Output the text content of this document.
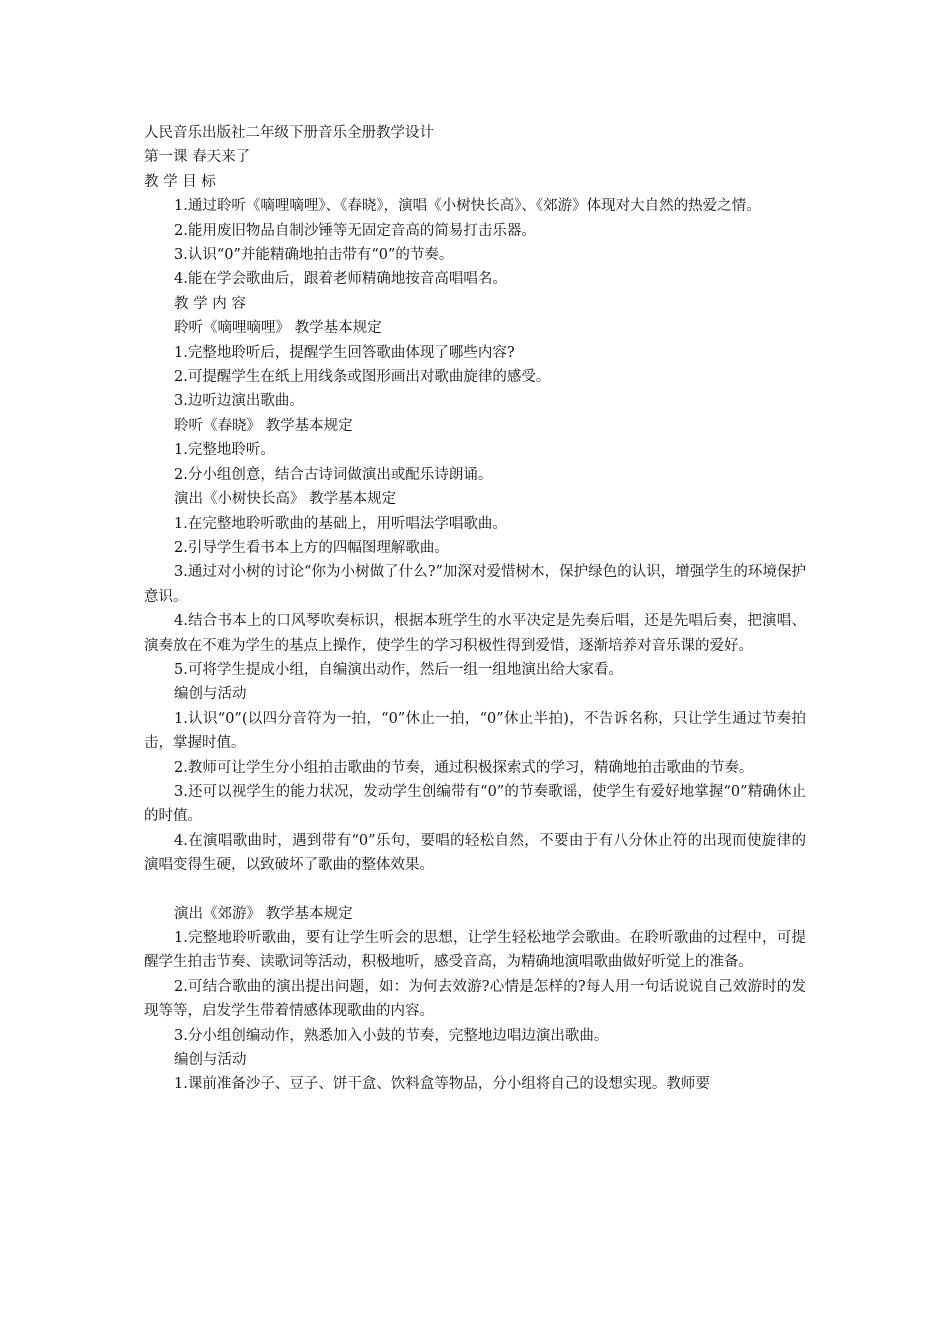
人民音乐出版社二年级下册音乐全册教学设计

第一课 春天来了

教 学 目 标

1.通过聆听《嘀哩嘀哩》、《春晓》，演唱《小树快长高》、《郊游》体现对大自然的热爱之情。

2.能用废旧物品自制沙锤等无固定音高的简易打击乐器。

3.认识“0”并能精确地拍击带有“0”的节奏。

4.能在学会歌曲后，跟着老师精确地按音高唱唱名。

教 学 内 容

聆听《嘀哩嘀哩》 教学基本规定

1.完整地聆听后，提醒学生回答歌曲体现了哪些内容?

2.可提醒学生在纸上用线条或图形画出对歌曲旋律的感受。

3.边听边演出歌曲。

聆听《春晓》 教学基本规定

1.完整地聆听。

2.分小组创意，结合古诗词做演出或配乐诗朗诵。

演出《小树快长高》 教学基本规定

1.在完整地聆听歌曲的基础上，用听唱法学唱歌曲。

2.引导学生看书本上方的四幅图理解歌曲。

3.通过对小树的讨论“你为小树做了什么?”加深对爱惜树木，保护绿色的认识，增强学生的环境保护意识。

4.结合书本上的口风琴吹奏标识，根据本班学生的水平决定是先奏后唱，还是先唱后奏，把演唱、演奏放在不难为学生的基点上操作，使学生的学习积极性得到爱惜，逐渐培养对音乐课的爱好。

5.可将学生提成小组，自编演出动作，然后一组一组地演出给大家看。

编创与活动

1.认识“0”(以四分音符为一拍，“0”休止一拍，“0”休止半拍)，不告诉名称，只让学生通过节奏拍击，掌握时值。

2.教师可让学生分小组拍击歌曲的节奏，通过积极探索式的学习，精确地拍击歌曲的节奏。

3.还可以视学生的能力状况，发动学生创编带有“0”的节奏歌谣，使学生有爱好地掌握“0”精确休止的时值。

4.在演唱歌曲时，遇到带有“0”乐句，要唱的轻松自然，不要由于有八分休止符的出现而使旋律的演唱变得生硬，以致破坏了歌曲的整体效果。

演出《郊游》 教学基本规定

1.完整地聆听歌曲，要有让学生听会的思想，让学生轻松地学会歌曲。在聆听歌曲的过程中，可提醒学生拍击节奏、读歌词等活动，积极地听，感受音高，为精确地演唱歌曲做好听觉上的准备。

2.可结合歌曲的演出提出问题，如：为何去效游?心情是怎样的?每人用一句话说说自己效游时的发现等等，启发学生带着情感体现歌曲的内容。

3.分小组创编动作，熟悉加入小鼓的节奏，完整地边唱边演出歌曲。

编创与活动

1.课前准备沙子、豆子、饼干盒、饮料盒等物品，分小组将自己的设想实现。教师要
